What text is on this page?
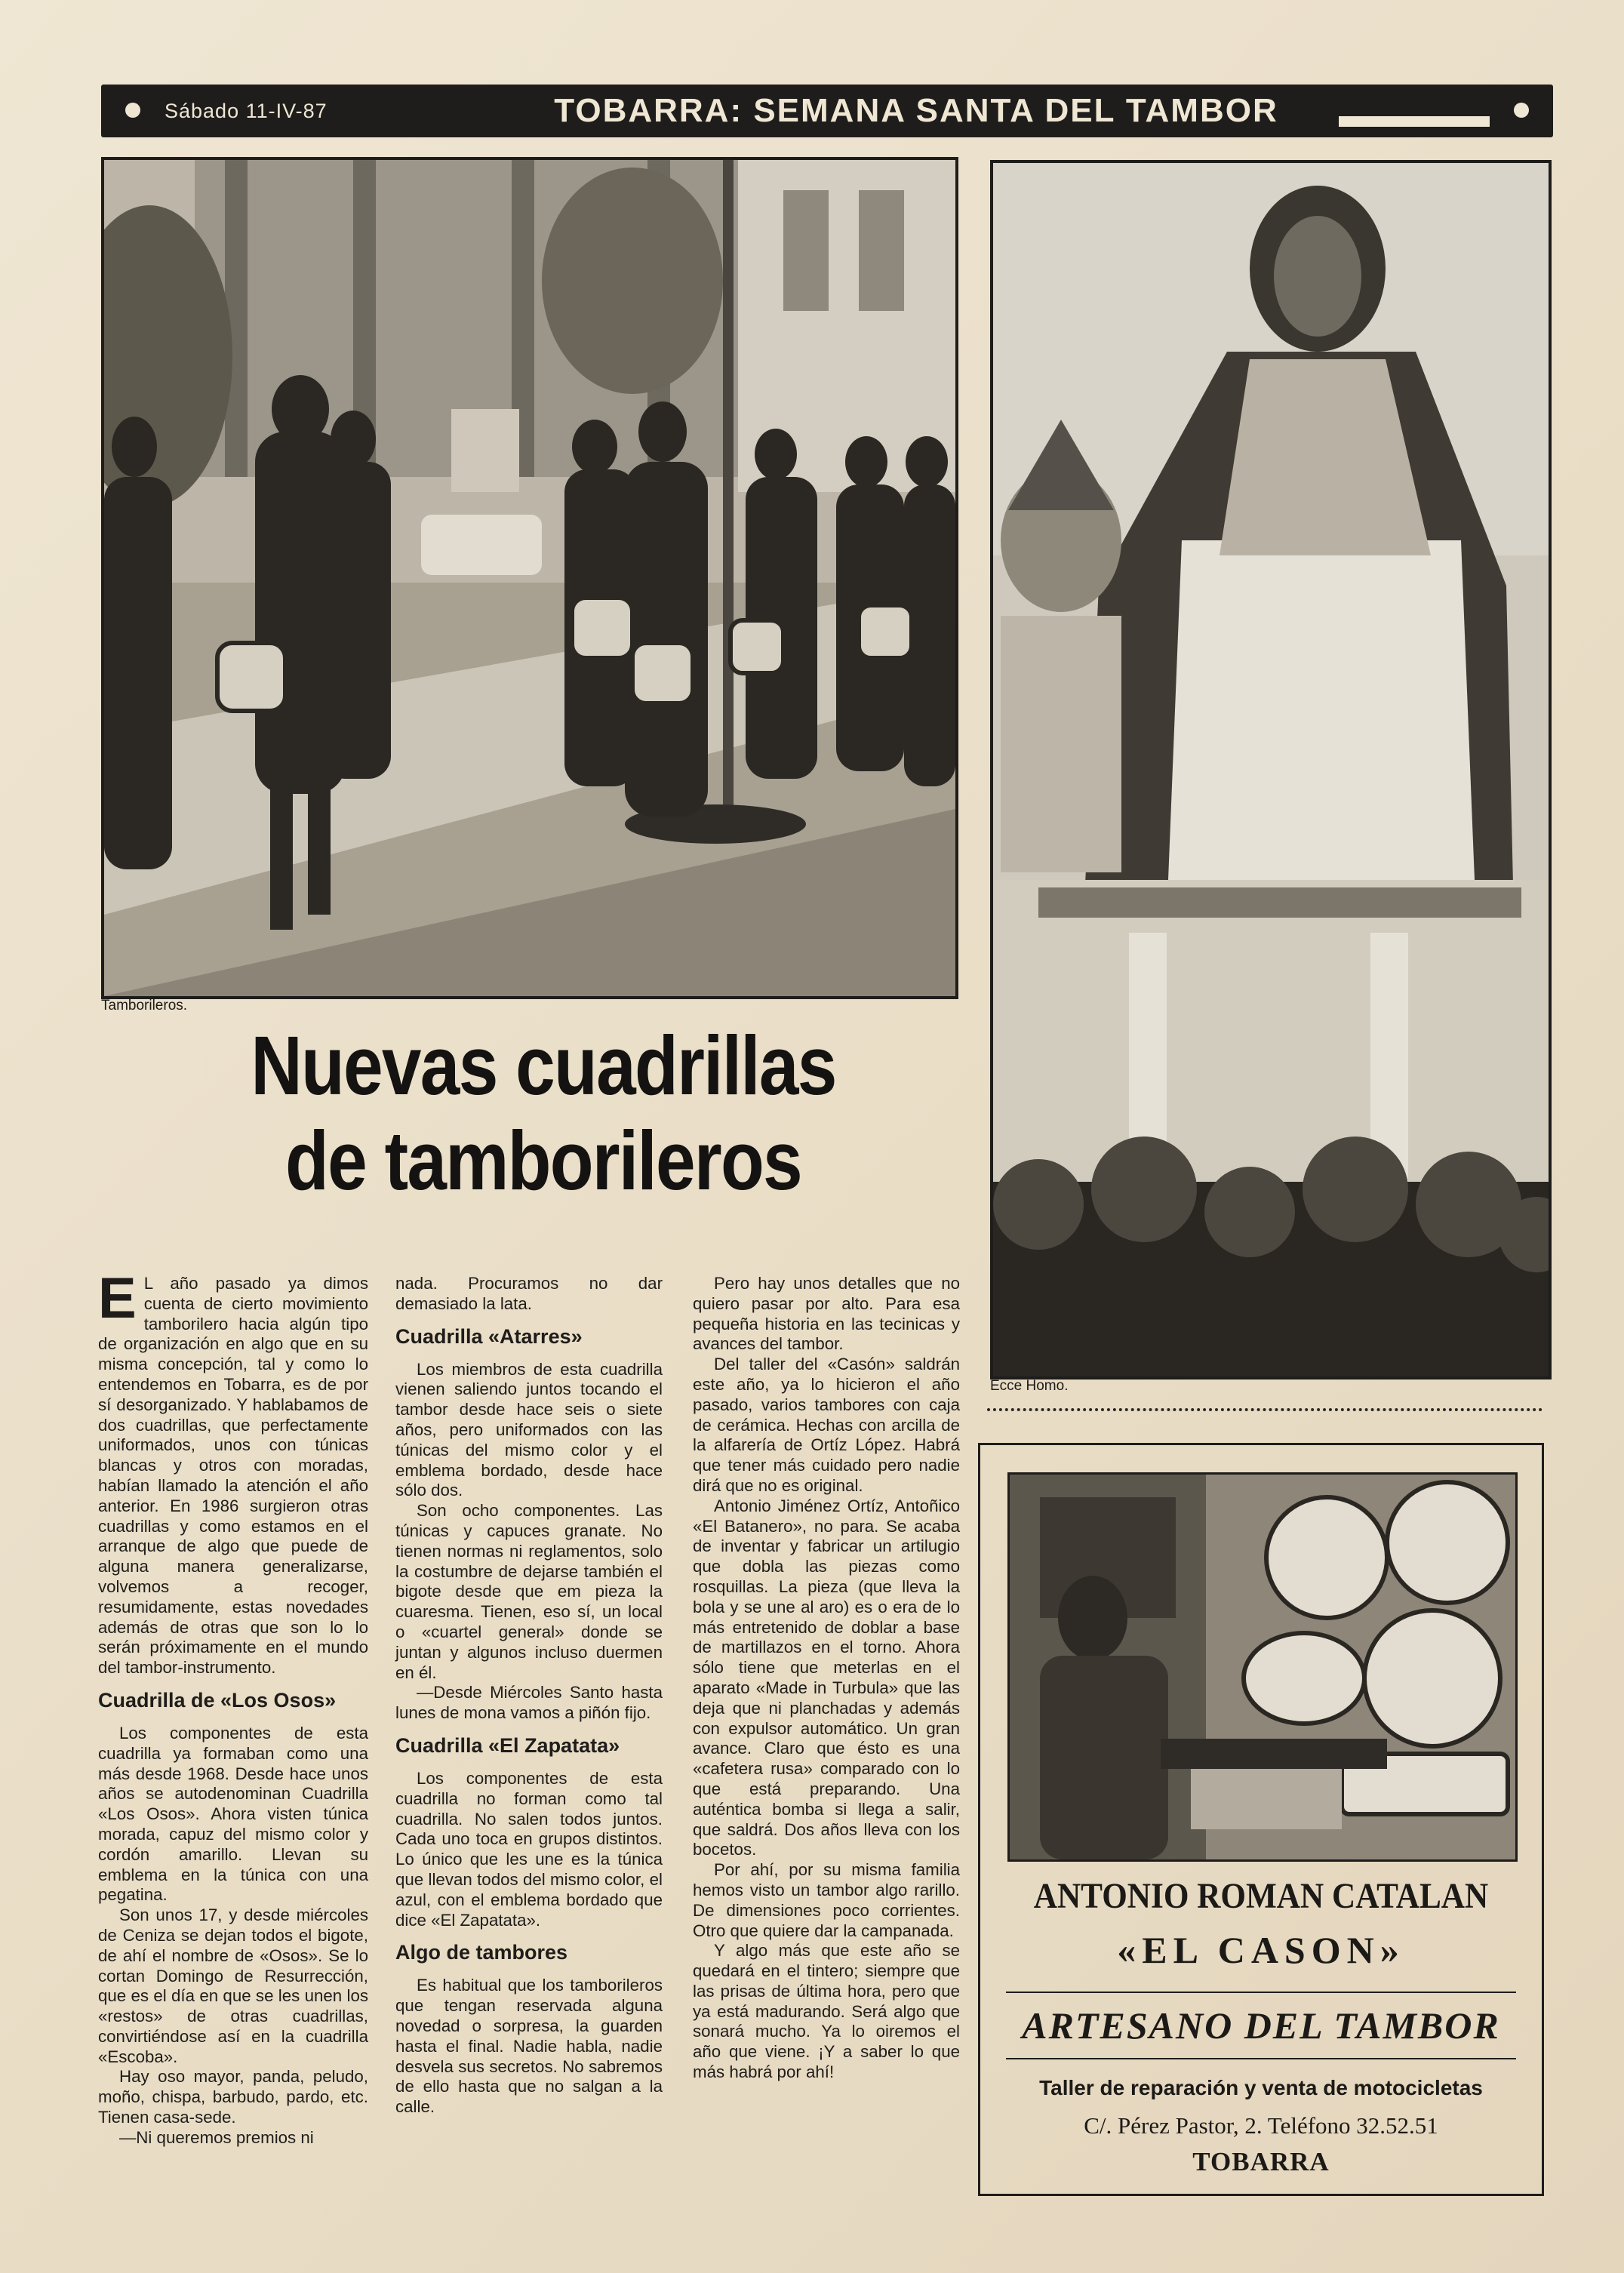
Sábado 11-IV-87	TOBARRA: SEMANA SANTA DEL TAMBOR
Tamborileros.
Ecce Homo.
Nuevas cuadrillas
de tamborileros

E L año pasado ya dimos cuenta de cierto movimiento tamborilero hacia algún tipo de organización en algo que en su misma concepción, tal y como lo entendemos en Tobarra, es de por sí desorganizado. Y hablabamos de dos cuadrillas, que perfectamente uniformados, unos con túnicas blancas y otros con moradas, habían llamado la atención el año anterior. En 1986 surgieron otras cuadrillas y como estamos en el arranque de algo que puede de alguna manera generalizarse, volvemos a recoger, resumidamente, estas novedades además de otras que son lo lo serán próximamente en el mundo del tambor-instrumento.

Cuadrilla de «Los Osos»

Los componentes de esta cuadrilla ya formaban como una más desde 1968. Desde hace unos años se autodenominan Cuadrilla «Los Osos». Ahora visten túnica morada, capuz del mismo color y cordón amarillo. Llevan su emblema en la túnica con una pegatina.

Son unos 17, y desde miércoles de Ceniza se dejan todos el bigote, de ahí el nombre de «Osos». Se lo cortan Domingo de Resurrección, que es el día en que se les unen los «restos» de otras cuadrillas, convirtiéndose así en la cuadrilla «Escoba».

Hay oso mayor, panda, peludo, moño, chispa, barbudo, pardo, etc. Tienen casa-sede.

—Ni queremos premios ni

nada. Procuramos no dar demasiado la lata.

Cuadrilla «Atarres»

Los miembros de esta cuadrilla vienen saliendo juntos tocando el tambor desde hace seis o siete años, pero uniformados con las túnicas del mismo color y el emblema bordado, desde hace sólo dos.

Son ocho componentes. Las túnicas y capuces granate. No tienen normas ni reglamentos, solo la costumbre de dejarse también el bigote desde que em pieza la cuaresma. Tienen, eso sí, un local o «cuartel general» donde se juntan y algunos incluso duermen en él.

—Desde Miércoles Santo hasta lunes de mona vamos a piñón fijo.

Cuadrilla «El Zapatata»

Los componentes de esta cuadrilla no forman como tal cuadrilla. No salen todos juntos. Cada uno toca en grupos distintos. Lo único que les une es la túnica que llevan todos del mismo color, el azul, con el emblema bordado que dice «El Zapatata».

Algo de tambores

Es habitual que los tamborileros que tengan reservada alguna novedad o sorpresa, la guarden hasta el final. Nadie habla, nadie desvela sus secretos. No sabremos de ello hasta que no salgan a la calle.

Pero hay unos detalles que no quiero pasar por alto. Para esa pequeña historia en las tecinicas y avances del tambor.

Del taller del «Casón» saldrán este año, ya lo hicieron el año pasado, varios tambores con caja de cerámica. Hechas con arcilla de la alfarería de Ortíz López. Habrá que tener más cuidado pero nadie dirá que no es original.

Antonio Jiménez Ortíz, Antoñico «El Batanero», no para. Se acaba de inventar y fabricar un artilugio que dobla las piezas como rosquillas. La pieza (que lleva la bola y se une al aro) es o era de lo más entretenido de doblar a base de martillazos en el torno. Ahora sólo tiene que meterlas en el aparato «Made in Turbula» que las deja que ni planchadas y además con expulsor automático. Un gran avance. Claro que ésto es una «cafetera rusa» comparado con lo que está preparando. Una auténtica bomba si llega a salir, que saldrá. Dos años lleva con los bocetos.

Por ahí, por su misma familia hemos visto un tambor algo rarillo. De dimensiones poco corrientes. Otro que quiere dar la campanada.

Y algo más que este año se quedará en el tintero; siempre que las prisas de última hora, pero que ya está madurando. Será algo que sonará mucho. Ya lo oiremos el año que viene. ¡Y a saber lo que más habrá por ahí!

ANTONIO ROMAN CATALAN
«EL CASON»
ARTESANO DEL TAMBOR
Taller de reparación y venta de motocicletas
C/. Pérez Pastor, 2. Teléfono 32.52.51
TOBARRA
